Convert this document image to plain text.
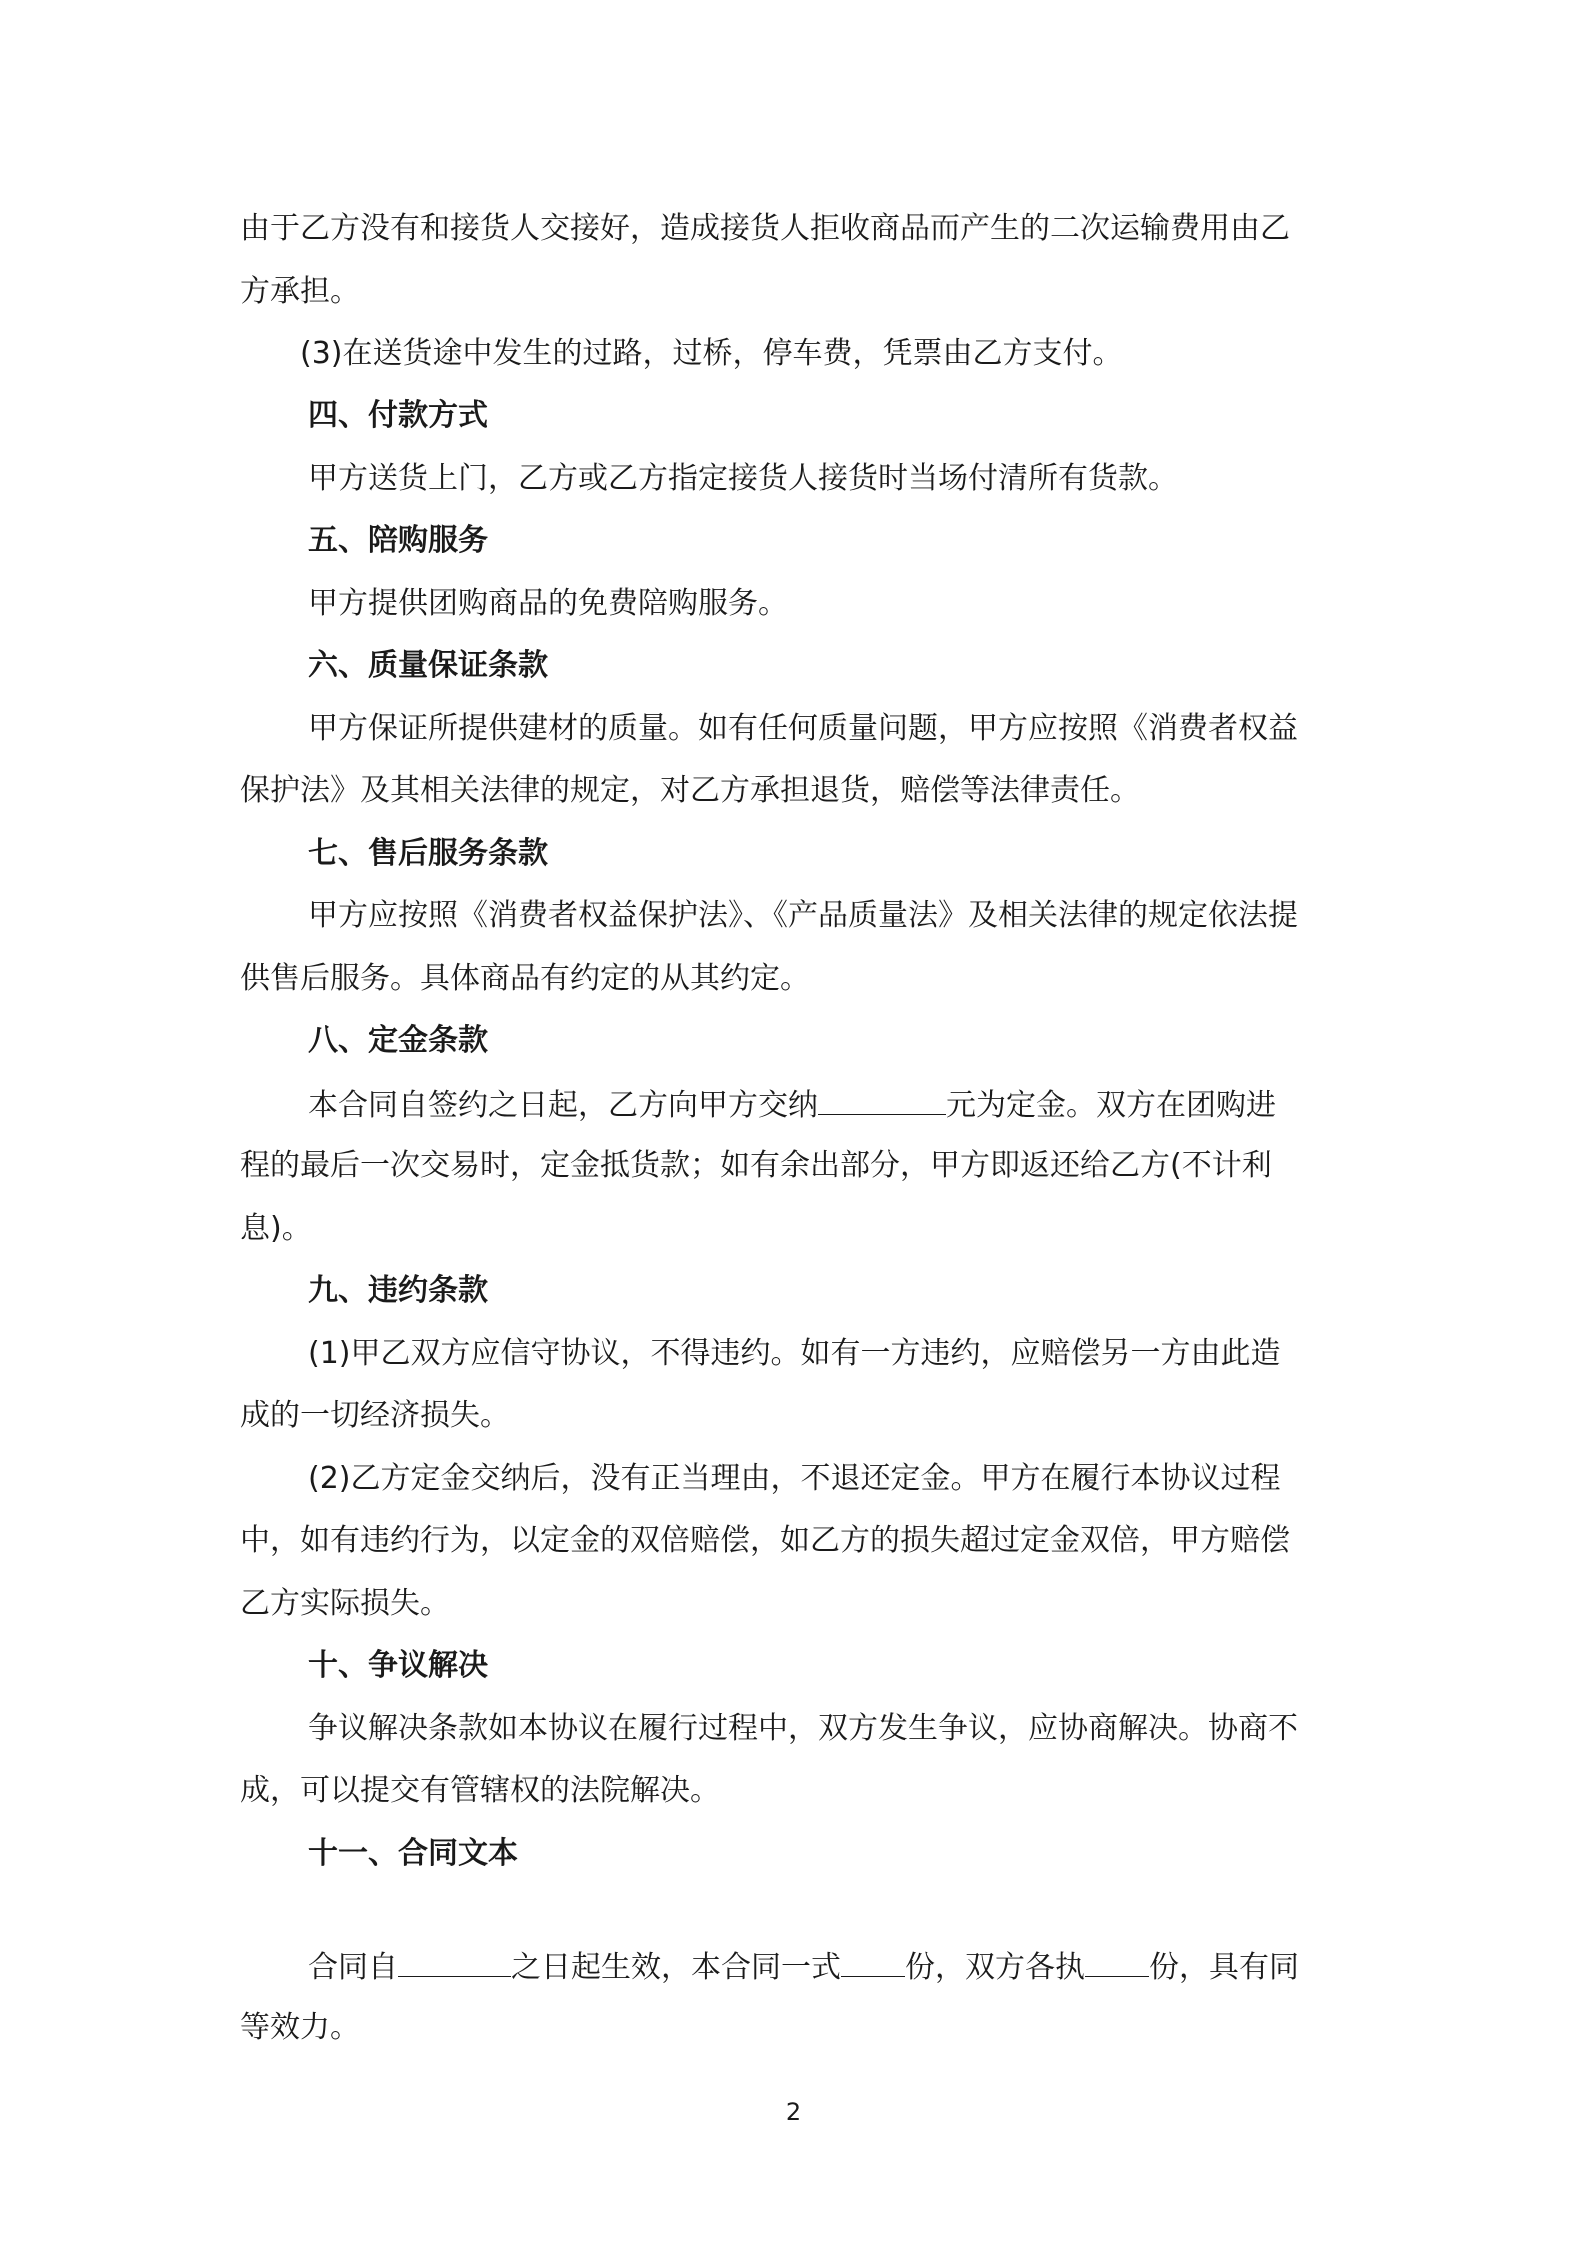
由于乙方没有和接货人交接好，造成接货人拒收商品而产生的二次运输费用由乙
方承担。
(3)在送货途中发生的过路，过桥，停车费，凭票由乙方支付。
四、付款方式
甲方送货上门，乙方或乙方指定接货人接货时当场付清所有货款。
五、陪购服务
甲方提供团购商品的免费陪购服务。
六、质量保证条款
甲方保证所提供建材的质量。如有任何质量问题，甲方应按照《消费者权益
保护法》及其相关法律的规定，对乙方承担退货，赔偿等法律责任。
七、售后服务条款
甲方应按照《消费者权益保护法》、《产品质量法》及相关法律的规定依法提
供售后服务。具体商品有约定的从其约定。
八、定金条款
本合同自签约之日起，乙方向甲方交纳	元为定金。双方在团购进
程的最后一次交易时，定金抵货款；如有余出部分，甲方即返还给乙方(不计利
息)。
九、违约条款
(1)甲乙双方应信守协议，不得违约。如有一方违约，应赔偿另一方由此造
成的一切经济损失。
(2)乙方定金交纳后，没有正当理由，不退还定金。甲方在履行本协议过程
中，如有违约行为，以定金的双倍赔偿，如乙方的损失超过定金双倍，甲方赔偿
乙方实际损失。
十、争议解决
争议解决条款如本协议在履行过程中，双方发生争议，应协商解决。协商不
成，可以提交有管辖权的法院解决。
十一、合同文本
合同自	之日起生效，本合同一式 份，双方各执 份，具有同
等效力。
2
